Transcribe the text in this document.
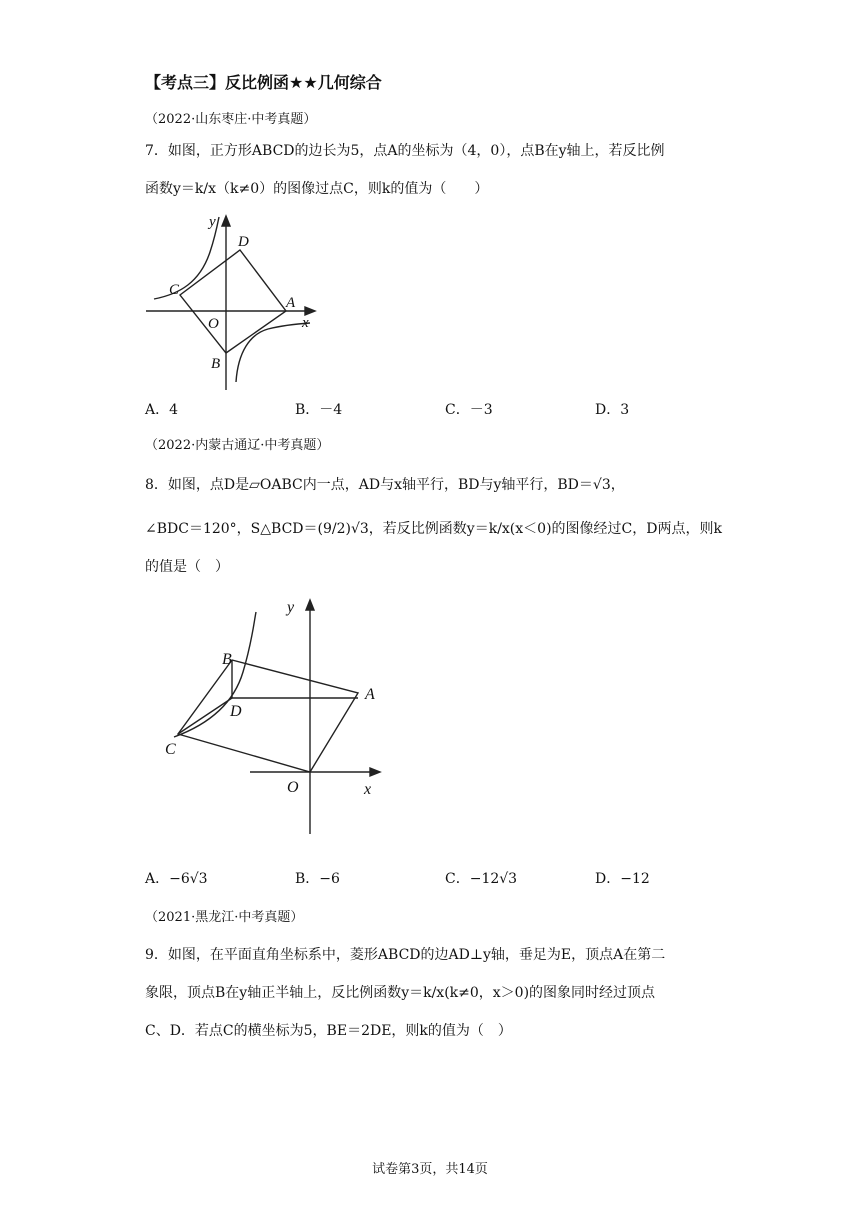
【考点三】反比例函★★几何综合
（2022·山东枣庄·中考真题）
7．如图，正方形ABCD的边长为5，点A的坐标为（4，0），点B在y轴上，若反比例
函数y＝k/x（k≠0）的图像过点C，则k的值为（　　）
y
x
O
A
B
C
D
A．4	B．－4	C．－3	D．3
（2022·内蒙古通辽·中考真题）
8．如图，点D是▱OABC内一点，AD与x轴平行，BD与y轴平行，BD＝√3，
∠BDC＝120°，S△BCD＝(9/2)√3，若反比例函数y＝k/x(x＜0)的图像经过C，D两点，则k
的值是（　）
y
x
O
A
B
C
D
A．−6√3	B．−6	C．−12√3	D．−12
（2021·黑龙江·中考真题）
9．如图，在平面直角坐标系中，菱形ABCD的边AD⊥y轴，垂足为E，顶点A在第二
象限，顶点B在y轴正半轴上，反比例函数y＝k/x(k≠0，x＞0)的图象同时经过顶点
C、D．若点C的横坐标为5，BE＝2DE，则k的值为（　）
试卷第3页，共14页
